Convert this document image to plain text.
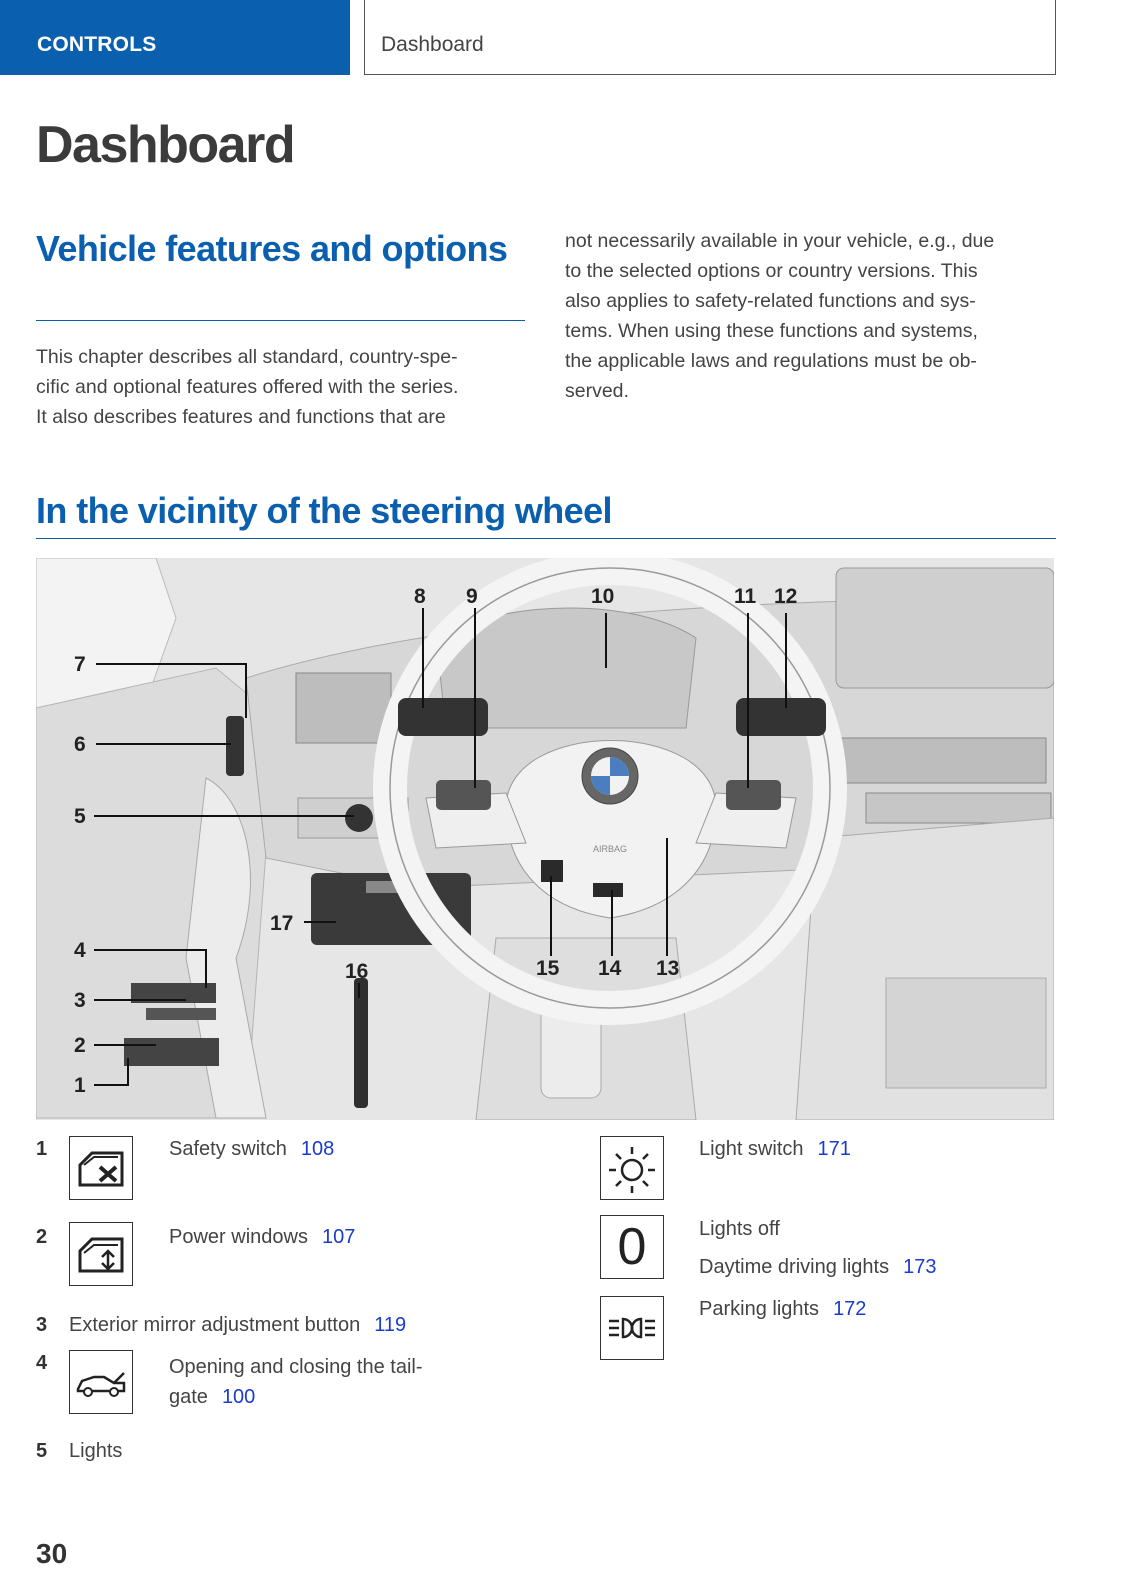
CONTROLS	Dashboard
Dashboard
Vehicle features and options

This chapter describes all standard, country-spe-
cific and optional features offered with the series.
It also describes features and functions that are

not necessarily available in your vehicle, e.g., due
to the selected options or country versions. This
also applies to safety-related functions and sys-
tems. When using these functions and systems,
the applicable laws and regulations must be ob-
served.

In the vicinity of the steering wheel
AIRBAG
7
6
5
4
3
2
1
8 9	10	11 12
13
14
15
16
17
1	Safety switch 108
2	Power windows 107
3 Exterior mirror adjustment button 119
4	Opening and closing the tail-
gate 100
5 Lights
Light switch 171
0	Lights off
Daytime driving lights 173
Parking lights 172
30
